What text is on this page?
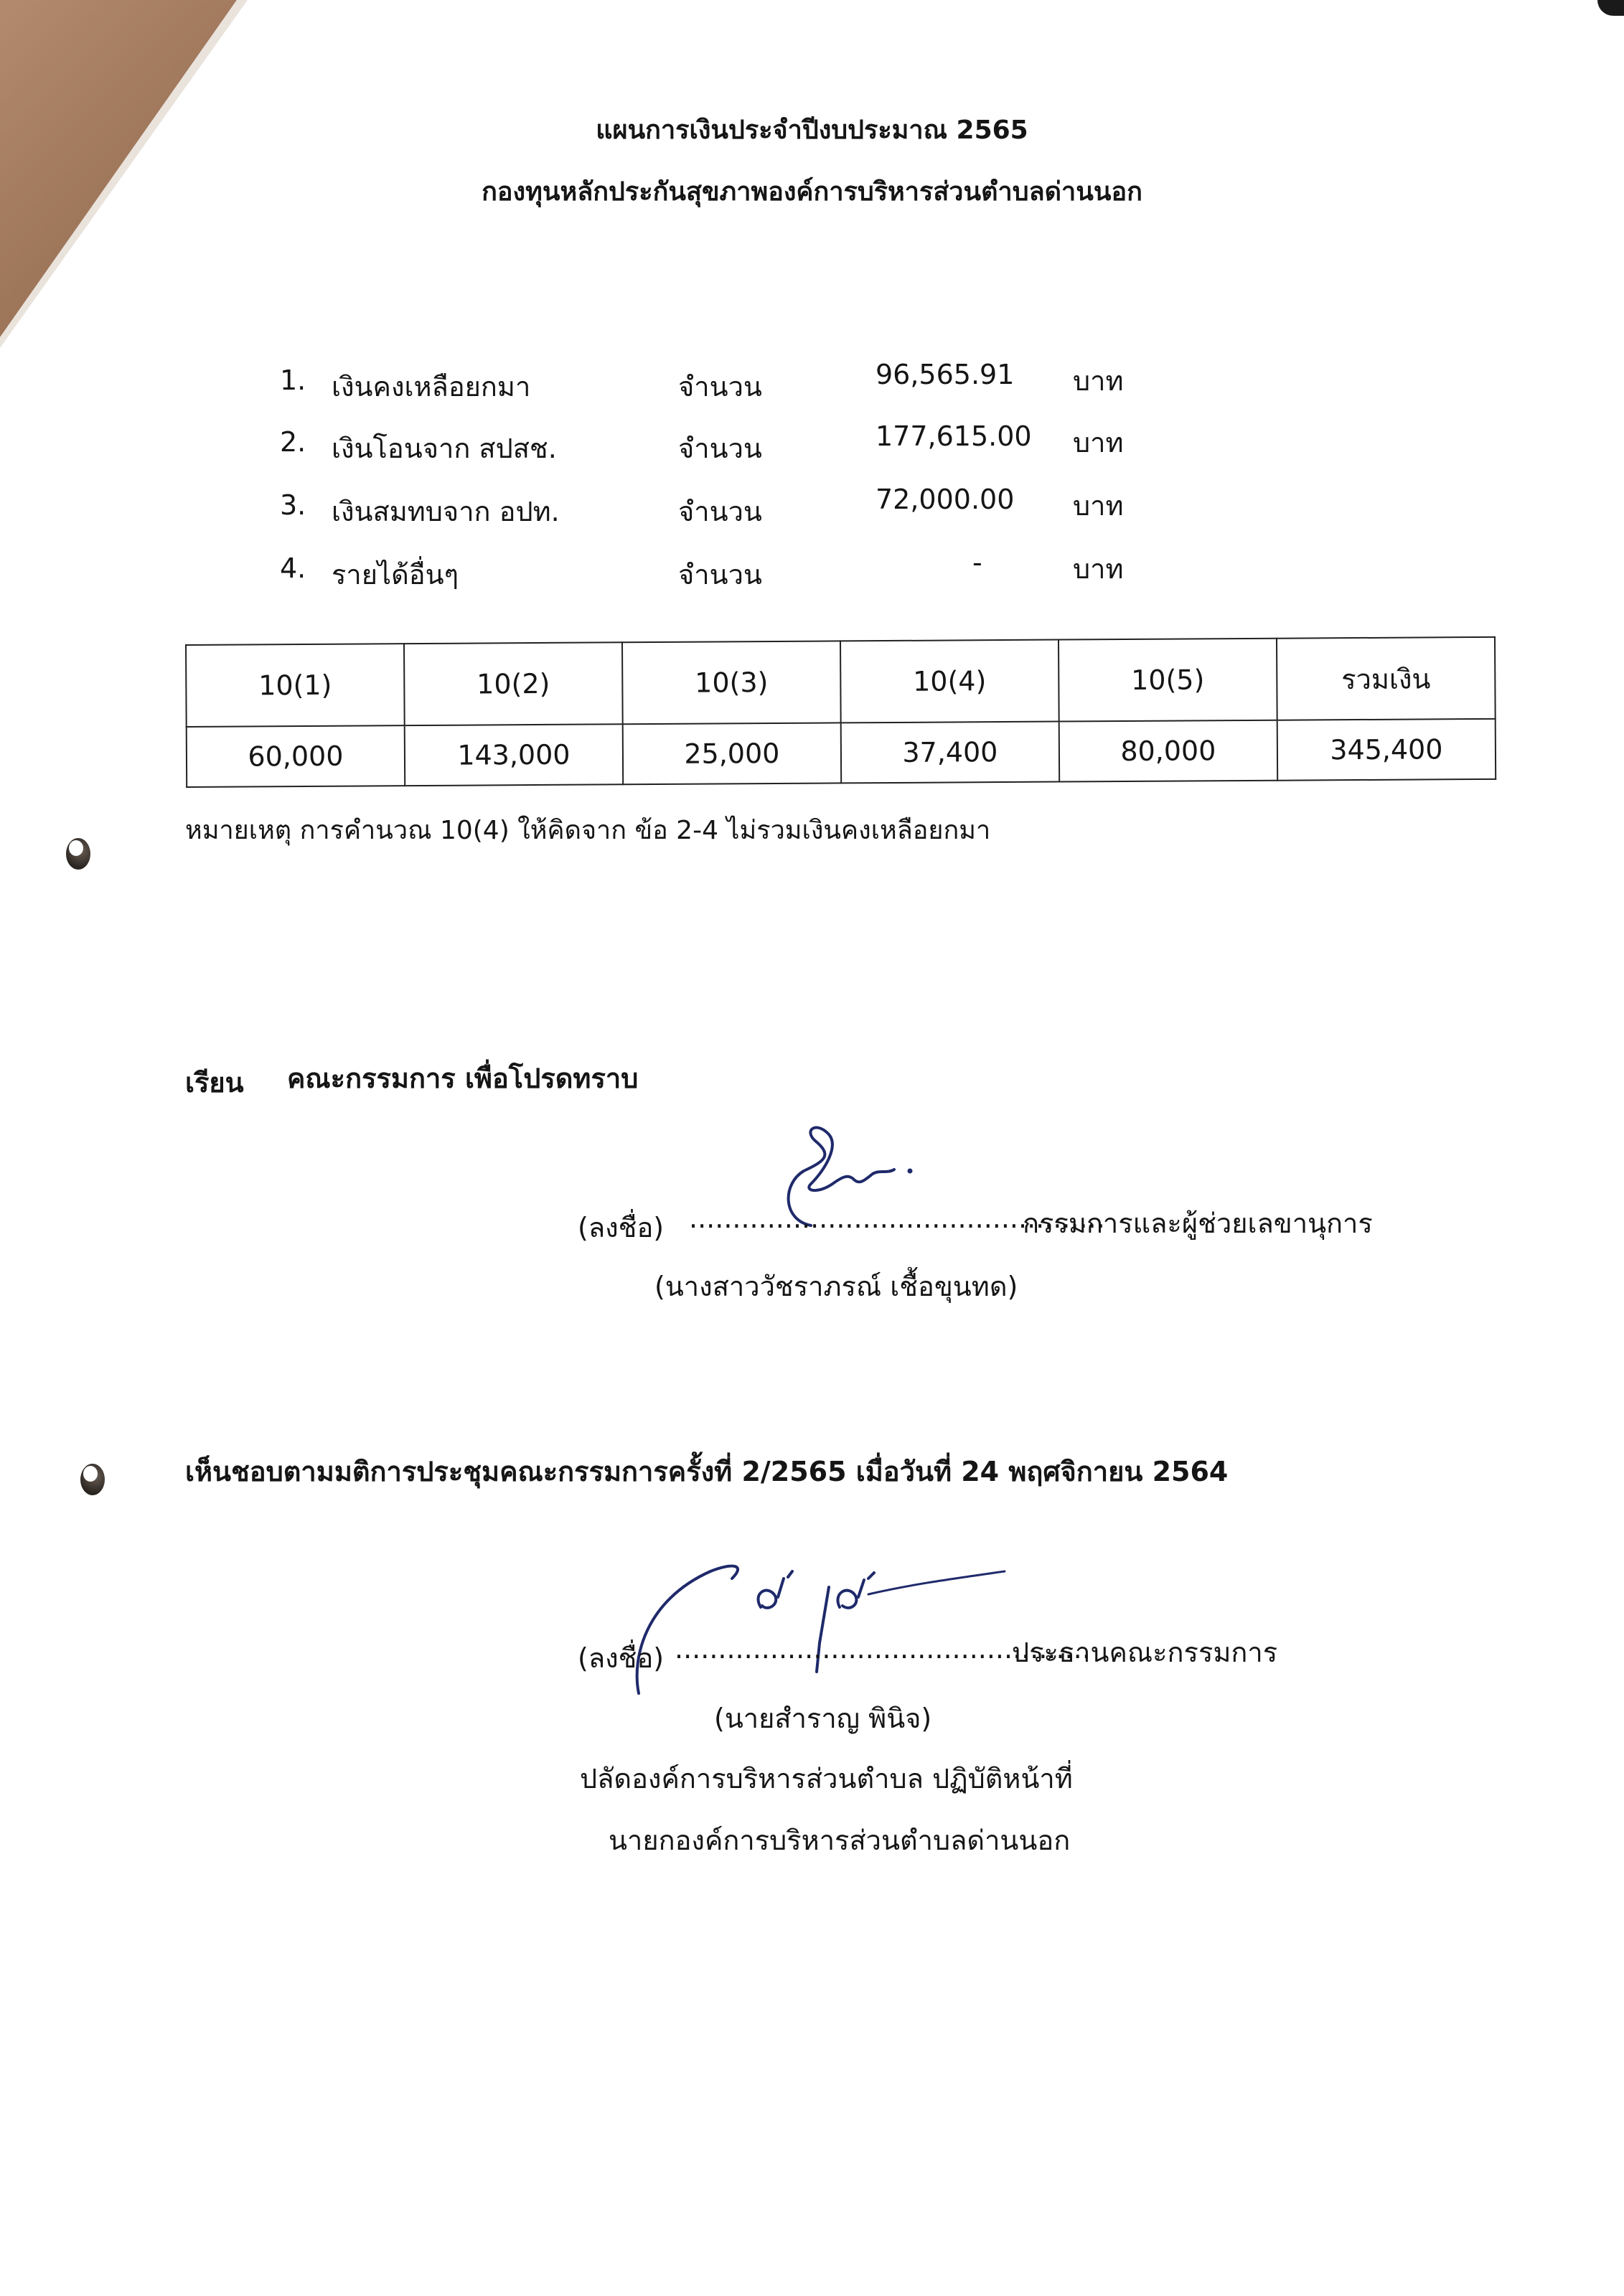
แผนการเงินประจำปีงบประมาณ 2565
กองทุนหลักประกันสุขภาพองค์การบริหารส่วนตำบลด่านนอก
1. เงินคงเหลือยกมา	จำนวน	96,565.91 บาท
2. เงินโอนจาก สปสช.	จำนวน	177,615.00 บาท
3. เงินสมทบจาก อปท.	จำนวน	72,000.00 บาท
4. รายได้อื่นๆ	จำนวน	-	บาท
10(1)	10(2)	10(3)	10(4)	10(5)	รวมเงิน
60,000	143,000	25,000	37,400	80,000	345,400
หมายเหตุ การคำนวณ 10(4) ให้คิดจาก ข้อ 2-4 ไม่รวมเงินคงเหลือยกมา
เรียน คณะกรรมการ เพื่อโปรดทราบ
(ลงชื่อ) ................................................
กรรมการและผู้ช่วยเลขานุการ
(นางสาววัชราภรณ์ เชื้อขุนทด)
เห็นชอบตามมติการประชุมคณะกรรมการครั้งที่ 2/2565 เมื่อวันที่ 24 พฤศจิกายน 2564
(ลงชื่อ) ................................................
ประธานคณะกรรมการ
(นายสำราญ พินิจ)
ปลัดองค์การบริหารส่วนตำบล ปฏิบัติหน้าที่
นายกองค์การบริหารส่วนตำบลด่านนอก
